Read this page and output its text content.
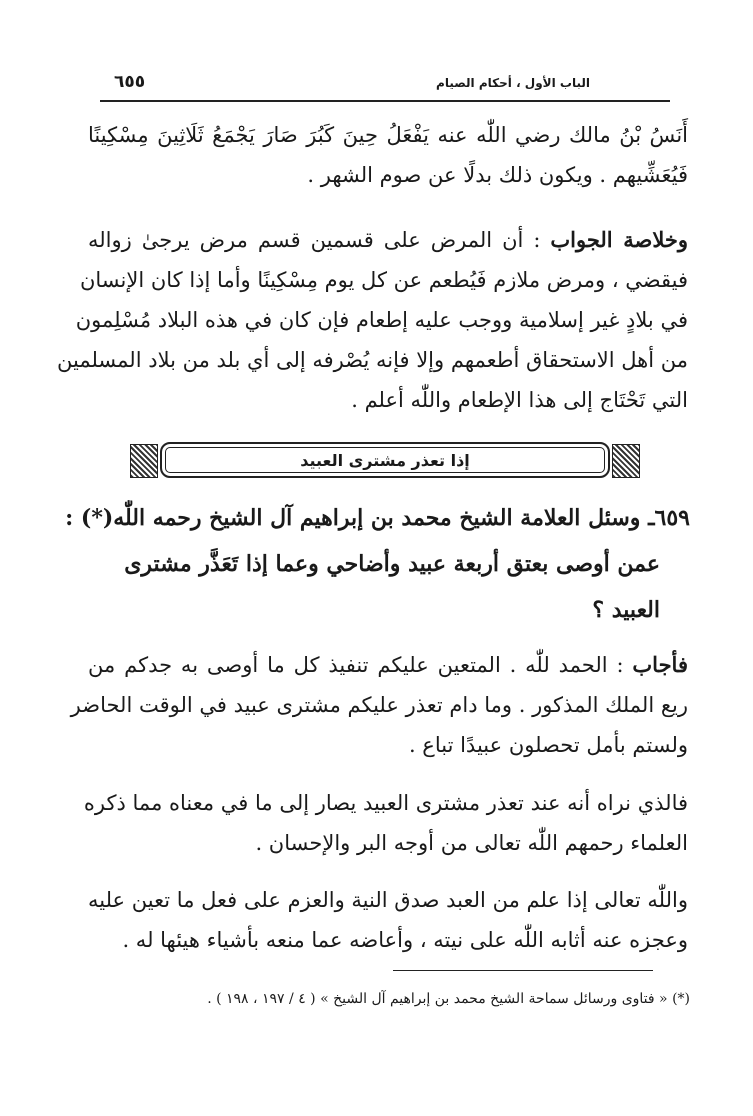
٦٥٥	الباب الأول ، أحكام الصيام
أَنَسُ بْنُ مالك رضي اللّٰه عنه يَفْعَلُ حِينَ كَبُرَ صَارَ يَجْمَعُ ثَلَاثِينَ مِسْكِينًا
فَيُعَشِّيهم . ويكون ذلك بدلًا عن صوم الشهر .
وخلاصة الجواب : أن المرض على قسمين قسم مرض يرجىٰ زواله
فيقضي ، ومرض ملازم فَيُطعم عن كل يوم مِسْكِينًا وأما إذا كان الإنسان
في بلادٍ غير إسلامية ووجب عليه إطعام فإن كان في هذه البلاد مُسْلِمون
من أهل الاستحقاق أطعمهم وإلا فإنه يُصْرفه إلى أي بلد من بلاد المسلمين
التي تَحْتَاج إلى هذا الإطعام واللّٰه أعلم .
إذا تعذر مشترى العبيد
٦٥٩ـ وسئل العلامة الشيخ محمد بن إبراهيم آل الشيخ رحمه اللّٰه(*) :
عمن أوصى بعتق أربعة عبيد وأضاحي وعما إذا تَعَذَّر مشترى
العبيد ؟
فأجاب : الحمد للّٰه . المتعين عليكم تنفيذ كل ما أوصى به جدكم من
ريع الملك المذكور . وما دام تعذر عليكم مشترى عبيد في الوقت الحاضر
ولستم بأمل تحصلون عبيدًا تباع .
فالذي نراه أنه عند تعذر مشترى العبيد يصار إلى ما في معناه مما ذكره
العلماء رحمهم اللّٰه تعالى من أوجه البر والإحسان .
واللّٰه تعالى إذا علم من العبد صدق النية والعزم على فعل ما تعين عليه
وعجزه عنه أثابه اللّٰه على نيته ، وأعاضه عما منعه بأشياء هيئها له .
(*) « فتاوى ورسائل سماحة الشيخ محمد بن إبراهيم آل الشيخ » ( ٤ / ١٩٧ ، ١٩٨ ) .
